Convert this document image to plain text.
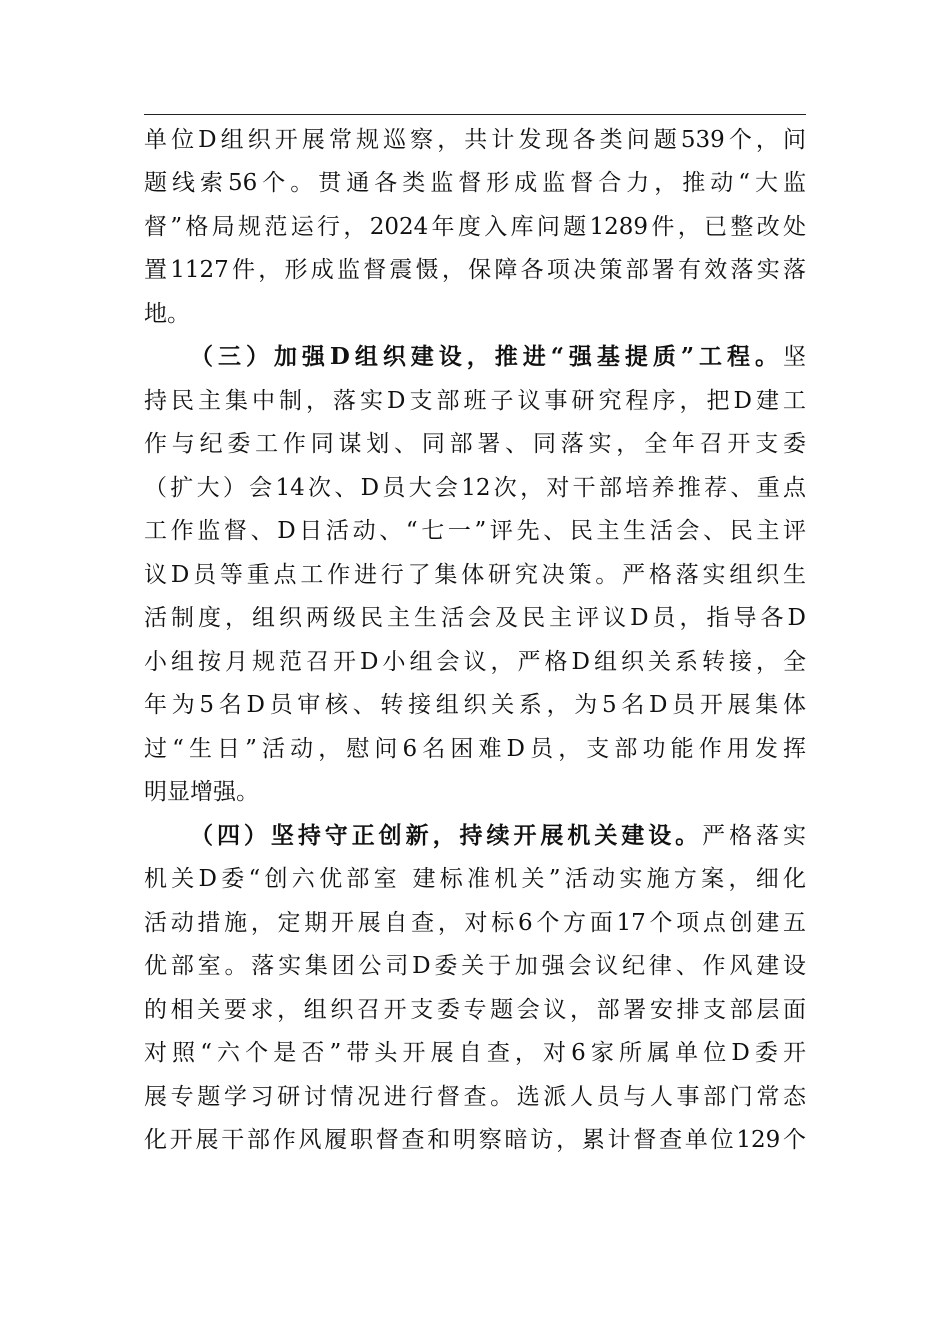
单位D组织开展常规巡察，共计发现各类问题539个，问
题线索56个。贯通各类监督形成监督合力，推动“大监
督”格局规范运行，2024年度入库问题1289件，已整改处
置1127件，形成监督震慑，保障各项决策部署有效落实落
地。
（三）加强D组织建设，推进“强基提质”工程。坚
持民主集中制，落实D支部班子议事研究程序，把D建工
作与纪委工作同谋划、同部署、同落实，全年召开支委
（扩大）会14次、D员大会12次，对干部培养推荐、重点
工作监督、D日活动、“七一”评先、民主生活会、民主评
议D员等重点工作进行了集体研究决策。严格落实组织生
活制度，组织两级民主生活会及民主评议D员，指导各D
小组按月规范召开D小组会议，严格D组织关系转接，全
年为5名D员审核、转接组织关系，为5名D员开展集体
过“生日”活动，慰问6名困难D员，支部功能作用发挥
明显增强。
（四）坚持守正创新，持续开展机关建设。严格落实
机关D委“创六优部室 建标准机关”活动实施方案，细化
活动措施，定期开展自查，对标6个方面17个项点创建五
优部室。落实集团公司D委关于加强会议纪律、作风建设
的相关要求，组织召开支委专题会议，部署安排支部层面
对照“六个是否”带头开展自查，对6家所属单位D委开
展专题学习研讨情况进行督查。选派人员与人事部门常态
化开展干部作风履职督查和明察暗访，累计督查单位129个
